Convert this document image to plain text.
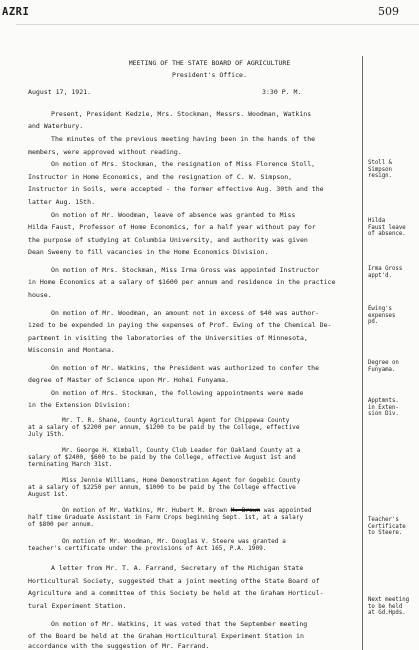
AZRI	509
MEETING OF THE STATE BOARD OF AGRICULTURE
President's Office.
August 17, 1921.	3:30 P. M.
Present, President Kedzie, Mrs. Stockman, Messrs. Woodman, Watkins
and Waterbury.
The minutes of the previous meeting having been in the hands of the
members, were approved without reading.
On motion of Mrs. Stockman, the resignation of Miss Florence Stoll,
Instructor in Home Economics, and the resignation of C. W. Simpson,
Instructor in Soils, were accepted - the former effective Aug. 30th and the
latter Aug. 15th.
On motion of Mr. Woodman, leave of absence was granted to Miss
Hilda Faust, Professor of Home Economics, for a half year without pay for
the purpose of studying at Columbia University, and authority was given
Dean Sweeny to fill vacancies in the Home Economics Division.
On motion of Mrs. Stockman, Miss Irma Gross was appointed Instructor
in Home Economics at a salary of $1600 per annum and residence in the practice
house.
On motion of Mr. Woodman, an amount not in excess of $40 was author-
ized to be expended in paying the expenses of Prof. Ewing of the Chemical De-
partment in visiting the laboratories of the Universities of Minnesota,
Wisconsin and Montana.
On motion of Mr. Watkins, the President was authorized to confer the
degree of Master of Science upon Mr. Hohei Funyama.
On motion of Mrs. Stockman, the following appointments were made
in the Extension Division:
Mr. T. R. Shane, County Agricultural Agent for Chippewa County
at a salary of $2200 per annum, $1200 to be paid by the College, effective
July 15th.
Mr. George H. Kimball, County Club Leader for Oakland County at a
salary of $2400, $600 to be paid by the College, effective August 1st and
terminating March 31st.
Miss Jennie Williams, Home Demonstration Agent for Gogebic County
at a salary of $2250 per annum, $1000 to be paid by the College effective
August 1st.
On motion of Mr. Watkins, Mr. Hubert M. Brown M. Brown was appointed
half time Graduate Assistant in Farm Crops beginning Sept. 1st, at a salary
of $800 per annum.
On motion of Mr. Woodman, Mr. Douglas V. Steere was granted a
teacher's certificate under the provisions of Act 165, P.A. 1909.
A letter from Mr. T. A. Farrand, Secretary of the Michigan State
Horticultural Society, suggested that a joint meeting ofthe State Board of
Agriculture and a committee of this Society be held at the Graham Horticul-
tural Experiment Station.
On motion of Mr. Watkins, it was voted that the September meeting
of the Board be held at the Graham Horticultural Experiment Station in
accordance with the suggestion of Mr. Farrand.
Stoll &
Simpson
resign.
Hilda
Faust leave
of absence.
Irma Gross
appt'd.
Ewing's
expenses
pd.
Degree on
Funyama.
Apptmnts.
in Exten-
sion Div.
Teacher's
Certificate
to Steere.
Next meeting
to be held
at Gd.Hpds.
